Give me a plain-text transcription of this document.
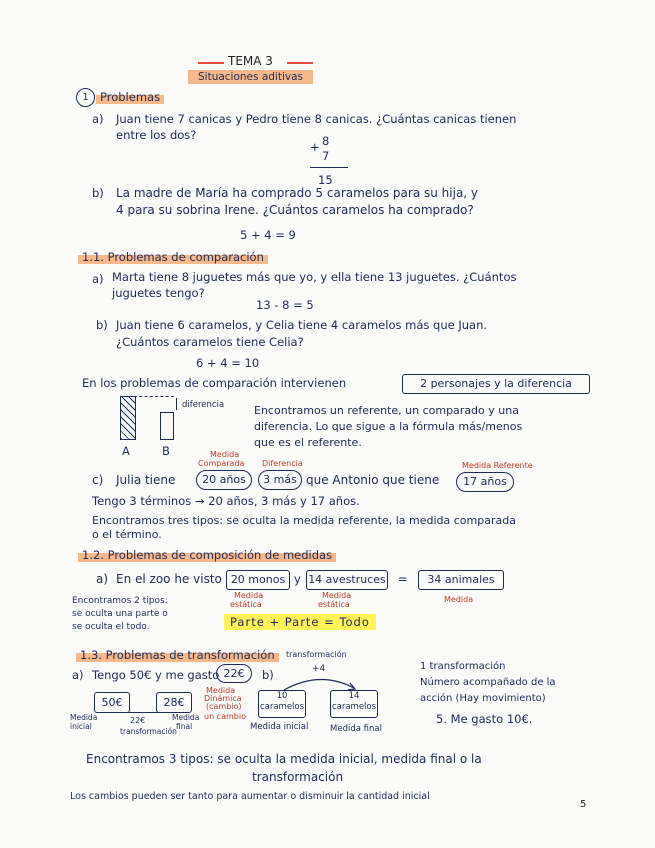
TEMA 3
Situaciones aditivas
1 Problemas
a) Juan tiene 7 canicas y Pedro tiene 8 canicas. ¿Cuántas canicas tienen
entre los dos?
+ 8
7
15
b) La madre de María ha comprado 5 caramelos para su hija, y
4 para su sobrina Irene. ¿Cuántos caramelos ha comprado?
5 + 4 = 9
1.1. Problemas de comparación
a) Marta tiene 8 juguetes más que yo, y ella tiene 13 juguetes. ¿Cuántos
juguetes tengo?
13 - 8 = 5
b) Juan tiene 6 caramelos, y Celia tiene 4 caramelos más que Juan.
¿Cuántos caramelos tiene Celia?
6 + 4 = 10
En los problemas de comparación intervienen	2 personajes y la diferencia
diferencia
A	B
Encontramos un referente, un comparado y una
diferencia. Lo que sigue a la fórmula más/menos
que es el referente.
Medida
Comparada Diferencia	Medida Referente
c) Julia tiene	20 años	3 más que Antonio que tiene	17 años
Tengo 3 términos → 20 años, 3 más y 17 años.
Encontramos tres tipos: se oculta la medida referente, la medida comparada
o el término.
1.2. Problemas de composición de medidas
a) En el zoo he visto 20 monos y 14 avestruces =	34 animales
Medida
estática
Medida
estática
Medida
Encontramos 2 tipos:
se oculta una parte o
se oculta el todo.	Parte + Parte = Todo
1.3. Problemas de transformación	transformación
+4
a) Tengo 50€ y me gasto 22€	b)
50€	28€
22€
Medida
inicial
transformación
Medida
final
Medida
Dinámica
(cambio)
un cambio
10
caramelos
14
caramelos
Medida inicial	Medida final
1 transformación
Número acompañado de la
acción (Hay movimiento)
5. Me gasto 10€.
Encontramos 3 tipos: se oculta la medida inicial, medida final o la
transformación
Los cambios pueden ser tanto para aumentar o disminuir la cantidad inicial
5
